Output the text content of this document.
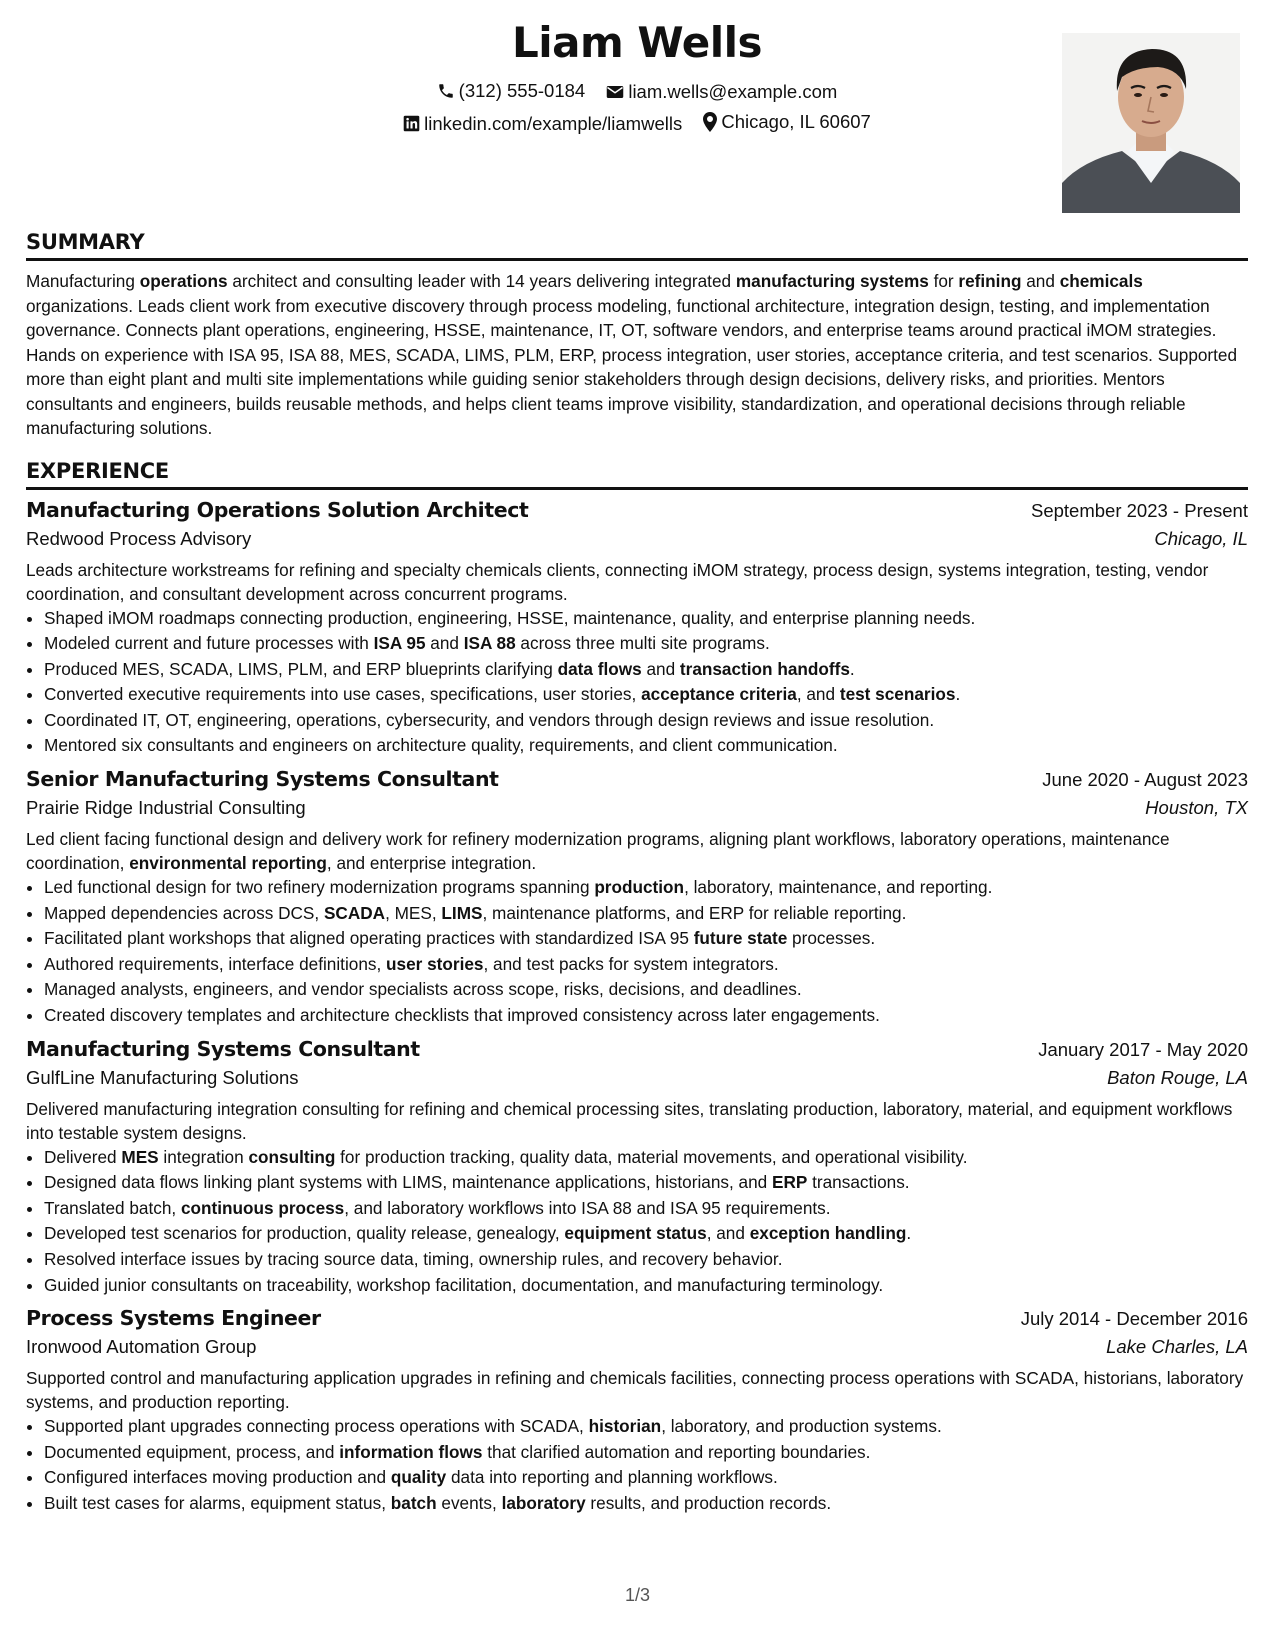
Liam Wells
(312) 555-0184
liam.wells@example.com
linkedin.com/example/liamwells
Chicago, IL 60607
SUMMARY

Manufacturing operations architect and consulting leader with 14 years delivering integrated manufacturing systems for refining and chemicals organizations. Leads client work from executive discovery through process modeling, functional architecture, integration design, testing, and implementation governance. Connects plant operations, engineering, HSSE, maintenance, IT, OT, software vendors, and enterprise teams around practical iMOM strategies. Hands on experience with ISA 95, ISA 88, MES, SCADA, LIMS, PLM, ERP, process integration, user stories, acceptance criteria, and test scenarios. Supported more than eight plant and multi site implementations while guiding senior stakeholders through design decisions, delivery risks, and priorities. Mentors consultants and engineers, builds reusable methods, and helps client teams improve visibility, standardization, and operational decisions through reliable manufacturing solutions.

EXPERIENCE
Manufacturing Operations Solution Architect	September 2023 - Present
Redwood Process Advisory	Chicago, IL
Leads architecture workstreams for refining and specialty chemicals clients, connecting iMOM strategy, process design, systems integration, testing, vendor coordination, and consultant development across concurrent programs.
• Shaped iMOM roadmaps connecting production, engineering, HSSE, maintenance, quality, and enterprise planning needs.
• Modeled current and future processes with ISA 95 and ISA 88 across three multi site programs.
• Produced MES, SCADA, LIMS, PLM, and ERP blueprints clarifying data flows and transaction handoffs.
• Converted executive requirements into use cases, specifications, user stories, acceptance criteria, and test scenarios.
• Coordinated IT, OT, engineering, operations, cybersecurity, and vendors through design reviews and issue resolution.
• Mentored six consultants and engineers on architecture quality, requirements, and client communication.
Senior Manufacturing Systems Consultant	June 2020 - August 2023
Prairie Ridge Industrial Consulting	Houston, TX
Led client facing functional design and delivery work for refinery modernization programs, aligning plant workflows, laboratory operations, maintenance coordination, environmental reporting, and enterprise integration.
• Led functional design for two refinery modernization programs spanning production, laboratory, maintenance, and reporting.
• Mapped dependencies across DCS, SCADA, MES, LIMS, maintenance platforms, and ERP for reliable reporting.
• Facilitated plant workshops that aligned operating practices with standardized ISA 95 future state processes.
• Authored requirements, interface definitions, user stories, and test packs for system integrators.
• Managed analysts, engineers, and vendor specialists across scope, risks, decisions, and deadlines.
• Created discovery templates and architecture checklists that improved consistency across later engagements.
Manufacturing Systems Consultant	January 2017 - May 2020
GulfLine Manufacturing Solutions	Baton Rouge, LA
Delivered manufacturing integration consulting for refining and chemical processing sites, translating production, laboratory, material, and equipment workflows into testable system designs.
• Delivered MES integration consulting for production tracking, quality data, material movements, and operational visibility.
• Designed data flows linking plant systems with LIMS, maintenance applications, historians, and ERP transactions.
• Translated batch, continuous process, and laboratory workflows into ISA 88 and ISA 95 requirements.
• Developed test scenarios for production, quality release, genealogy, equipment status, and exception handling.
• Resolved interface issues by tracing source data, timing, ownership rules, and recovery behavior.
• Guided junior consultants on traceability, workshop facilitation, documentation, and manufacturing terminology.
Process Systems Engineer	July 2014 - December 2016
Ironwood Automation Group	Lake Charles, LA
Supported control and manufacturing application upgrades in refining and chemicals facilities, connecting process operations with SCADA, historians, laboratory systems, and production reporting.
• Supported plant upgrades connecting process operations with SCADA, historian, laboratory, and production systems.
• Documented equipment, process, and information flows that clarified automation and reporting boundaries.
• Configured interfaces moving production and quality data into reporting and planning workflows.
• Built test cases for alarms, equipment status, batch events, laboratory results, and production records.
1/3
